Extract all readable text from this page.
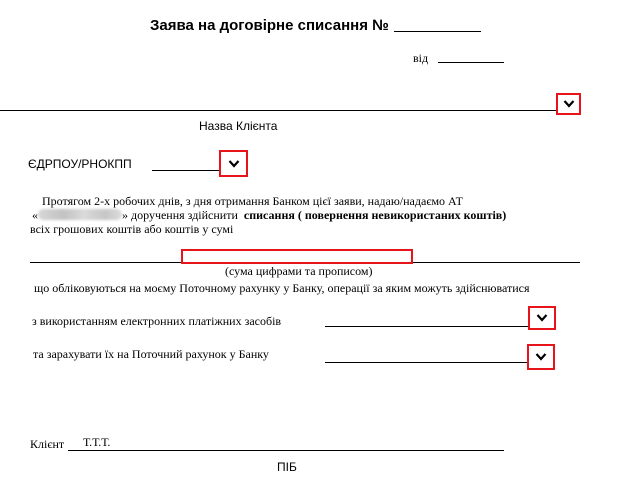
Заява на договірне списання №
від
Назва Клієнта
ЄДРПОУ/РНОКПП
Протягом 2-х робочих днів, з дня отримання Банком цієї заяви, надаю/надаємо АТ
«	» доручення здійснити списання ( повернення невикористаних коштів)
всіх грошових коштів або коштів у сумі
(сума цифрами та прописом)
що обліковуються на моєму Поточному рахунку у Банку, операції за яким можуть здійснюватися
з використанням електронних платіжних засобів
та зарахувати їх на Поточний рахунок у Банку
Клієнт Т.Т.Т.
ПІБ
